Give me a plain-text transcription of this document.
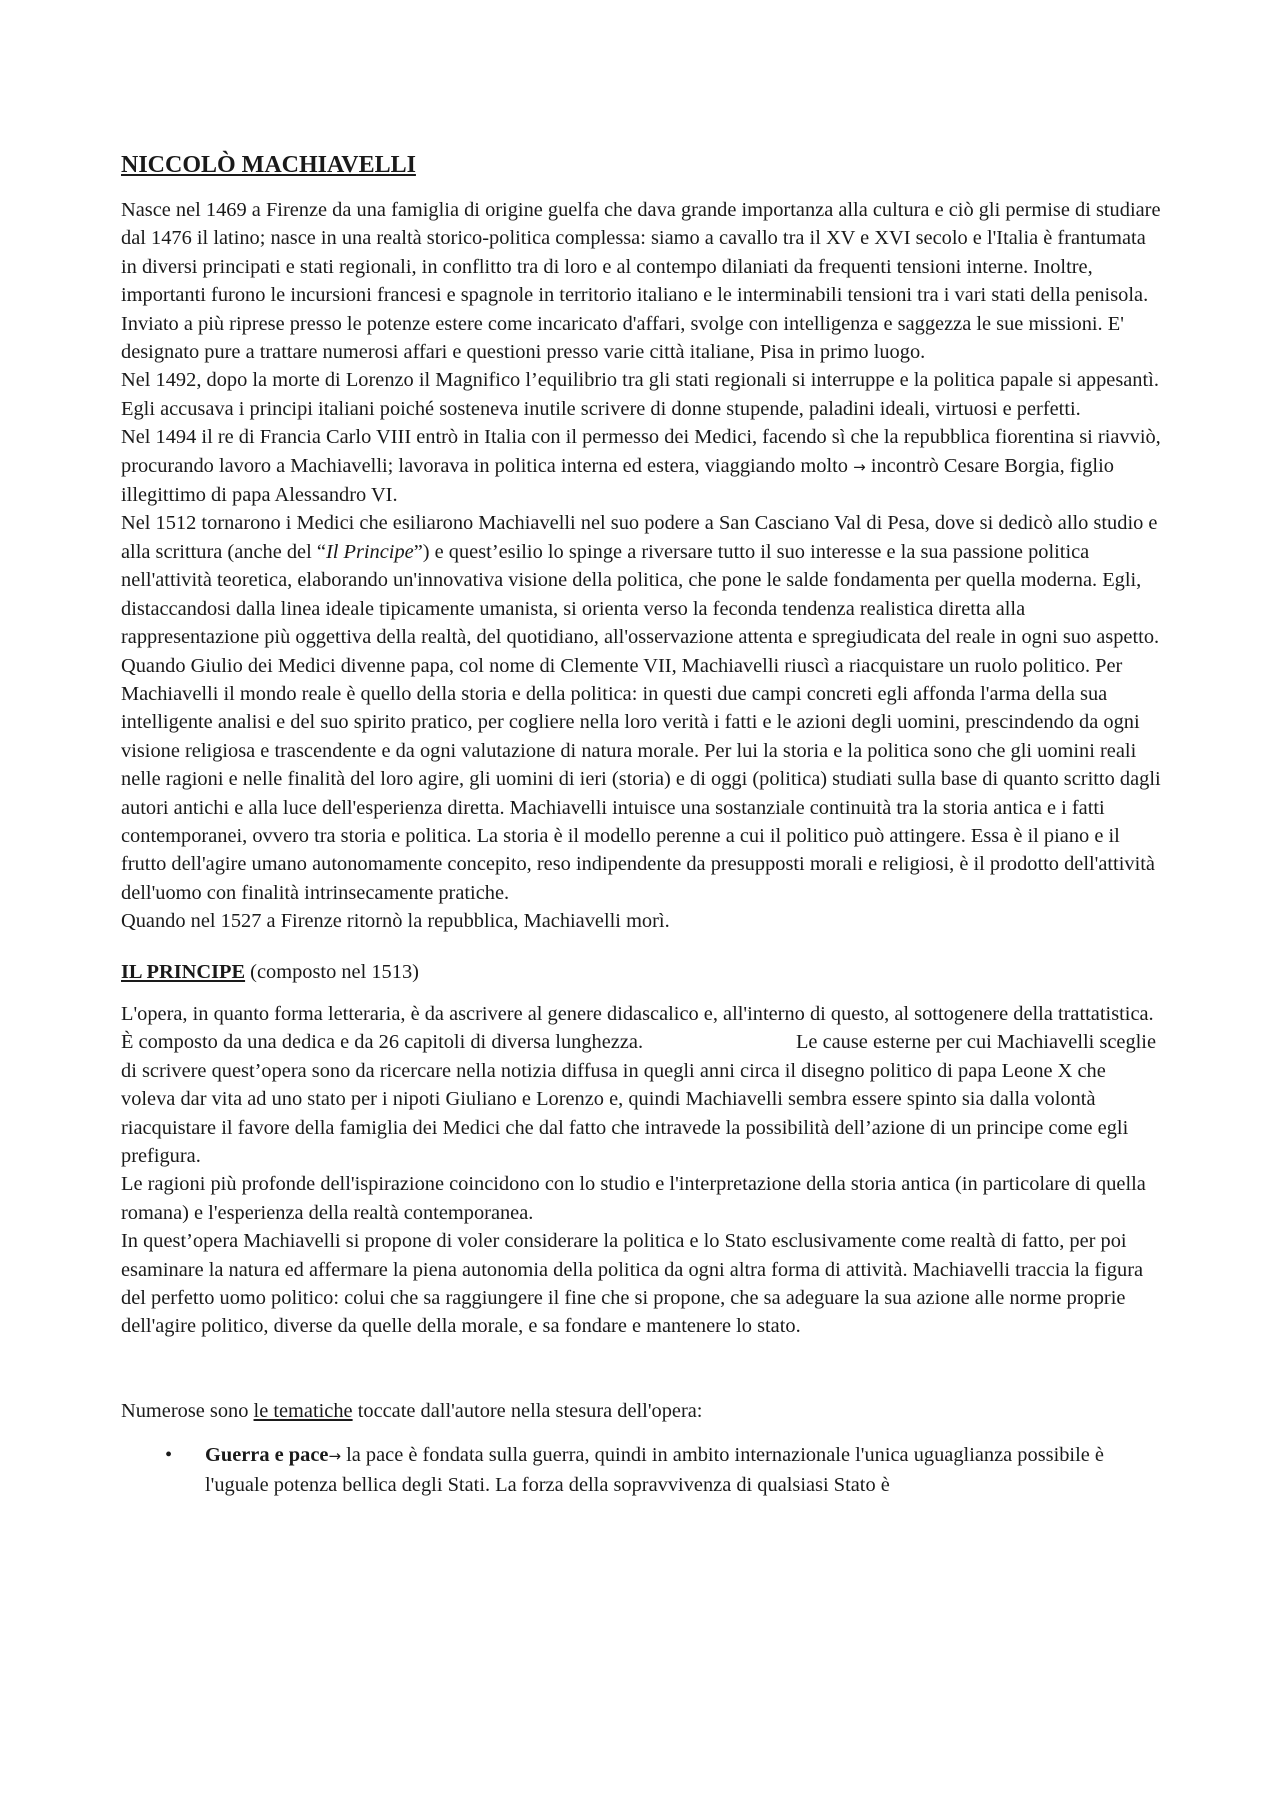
NICCOLÒ MACHIAVELLI

Nasce nel 1469 a Firenze da una famiglia di origine guelfa che dava grande importanza alla cultura e ciò gli permise di studiare dal 1476 il latino; nasce in una realtà storico-politica complessa: siamo a cavallo tra il XV e XVI secolo e l'Italia è frantumata in diversi principati e stati regionali, in conflitto tra di loro e al contempo dilaniati da frequenti tensioni interne. Inoltre, importanti furono le incursioni francesi e spagnole in territorio italiano e le interminabili tensioni tra i vari stati della penisola. Inviato a più riprese presso le potenze estere come incaricato d'affari, svolge con intelligenza e saggezza le sue missioni. E' designato pure a trattare numerosi affari e questioni presso varie città italiane, Pisa in primo luogo.

Nel 1492, dopo la morte di Lorenzo il Magnifico l’equilibrio tra gli stati regionali si interruppe e la politica papale si appesantì. Egli accusava i principi italiani poiché sosteneva inutile scrivere di donne stupende, paladini ideali, virtuosi e perfetti.

Nel 1494 il re di Francia Carlo VIII entrò in Italia con il permesso dei Medici, facendo sì che la repubblica fiorentina si riavviò, procurando lavoro a Machiavelli; lavorava in politica interna ed estera, viaggiando molto → incontrò Cesare Borgia, figlio illegittimo di papa Alessandro VI.

Nel 1512 tornarono i Medici che esiliarono Machiavelli nel suo podere a San Casciano Val di Pesa, dove si dedicò allo studio e alla scrittura (anche del “Il Principe”) e quest’esilio lo spinge a riversare tutto il suo interesse e la sua passione politica nell'attività teoretica, elaborando un'innovativa visione della politica, che pone le salde fondamenta per quella moderna. Egli, distaccandosi dalla linea ideale tipicamente umanista, si orienta verso la feconda tendenza realistica diretta alla rappresentazione più oggettiva della realtà, del quotidiano, all'osservazione attenta e spregiudicata del reale in ogni suo aspetto.

Quando Giulio dei Medici divenne papa, col nome di Clemente VII, Machiavelli riuscì a riacquistare un ruolo politico. Per Machiavelli il mondo reale è quello della storia e della politica: in questi due campi concreti egli affonda l'arma della sua intelligente analisi e del suo spirito pratico, per cogliere nella loro verità i fatti e le azioni degli uomini, prescindendo da ogni visione religiosa e trascendente e da ogni valutazione di natura morale. Per lui la storia e la politica sono che gli uomini reali nelle ragioni e nelle finalità del loro agire, gli uomini di ieri (storia) e di oggi (politica) studiati sulla base di quanto scritto dagli autori antichi e alla luce dell'esperienza diretta. Machiavelli intuisce una sostanziale continuità tra la storia antica e i fatti contemporanei, ovvero tra storia e politica. La storia è il modello perenne a cui il politico può attingere. Essa è il piano e il frutto dell'agire umano autonomamente concepito, reso indipendente da presupposti morali e religiosi, è il prodotto dell'attività dell'uomo con finalità intrinsecamente pratiche.

Quando nel 1527 a Firenze ritornò la repubblica, Machiavelli morì.

IL PRINCIPE (composto nel 1513)

L'opera, in quanto forma letteraria, è da ascrivere al genere didascalico e, all'interno di questo, al sottogenere della trattatistica. È composto da una dedica e da 26 capitoli di diversa lunghezza.                              Le cause esterne per cui Machiavelli sceglie di scrivere quest’opera sono da ricercare nella notizia diffusa in quegli anni circa il disegno politico di papa Leone X che voleva dar vita ad uno stato per i nipoti Giuliano e Lorenzo e, quindi Machiavelli sembra essere spinto sia dalla volontà riacquistare il favore della famiglia dei Medici che dal fatto che intravede la possibilità dell’azione di un principe come egli prefigura.

Le ragioni più profonde dell'ispirazione coincidono con lo studio e l'interpretazione della storia antica (in particolare di quella romana) e l'esperienza della realtà contemporanea.

In quest’opera Machiavelli si propone di voler considerare la politica e lo Stato esclusivamente come realtà di fatto, per poi esaminare la natura ed affermare la piena autonomia della politica da ogni altra forma di attività. Machiavelli traccia la figura del perfetto uomo politico: colui che sa raggiungere il fine che si propone, che sa adeguare la sua azione alle norme proprie dell'agire politico, diverse da quelle della morale, e sa fondare e mantenere lo stato.

Numerose sono le tematiche toccate dall'autore nella stesura dell'opera:

• Guerra e pace→ la pace è fondata sulla guerra, quindi in ambito internazionale l'unica uguaglianza possibile è l'uguale potenza bellica degli Stati. La forza della sopravvivenza di qualsiasi Stato è
